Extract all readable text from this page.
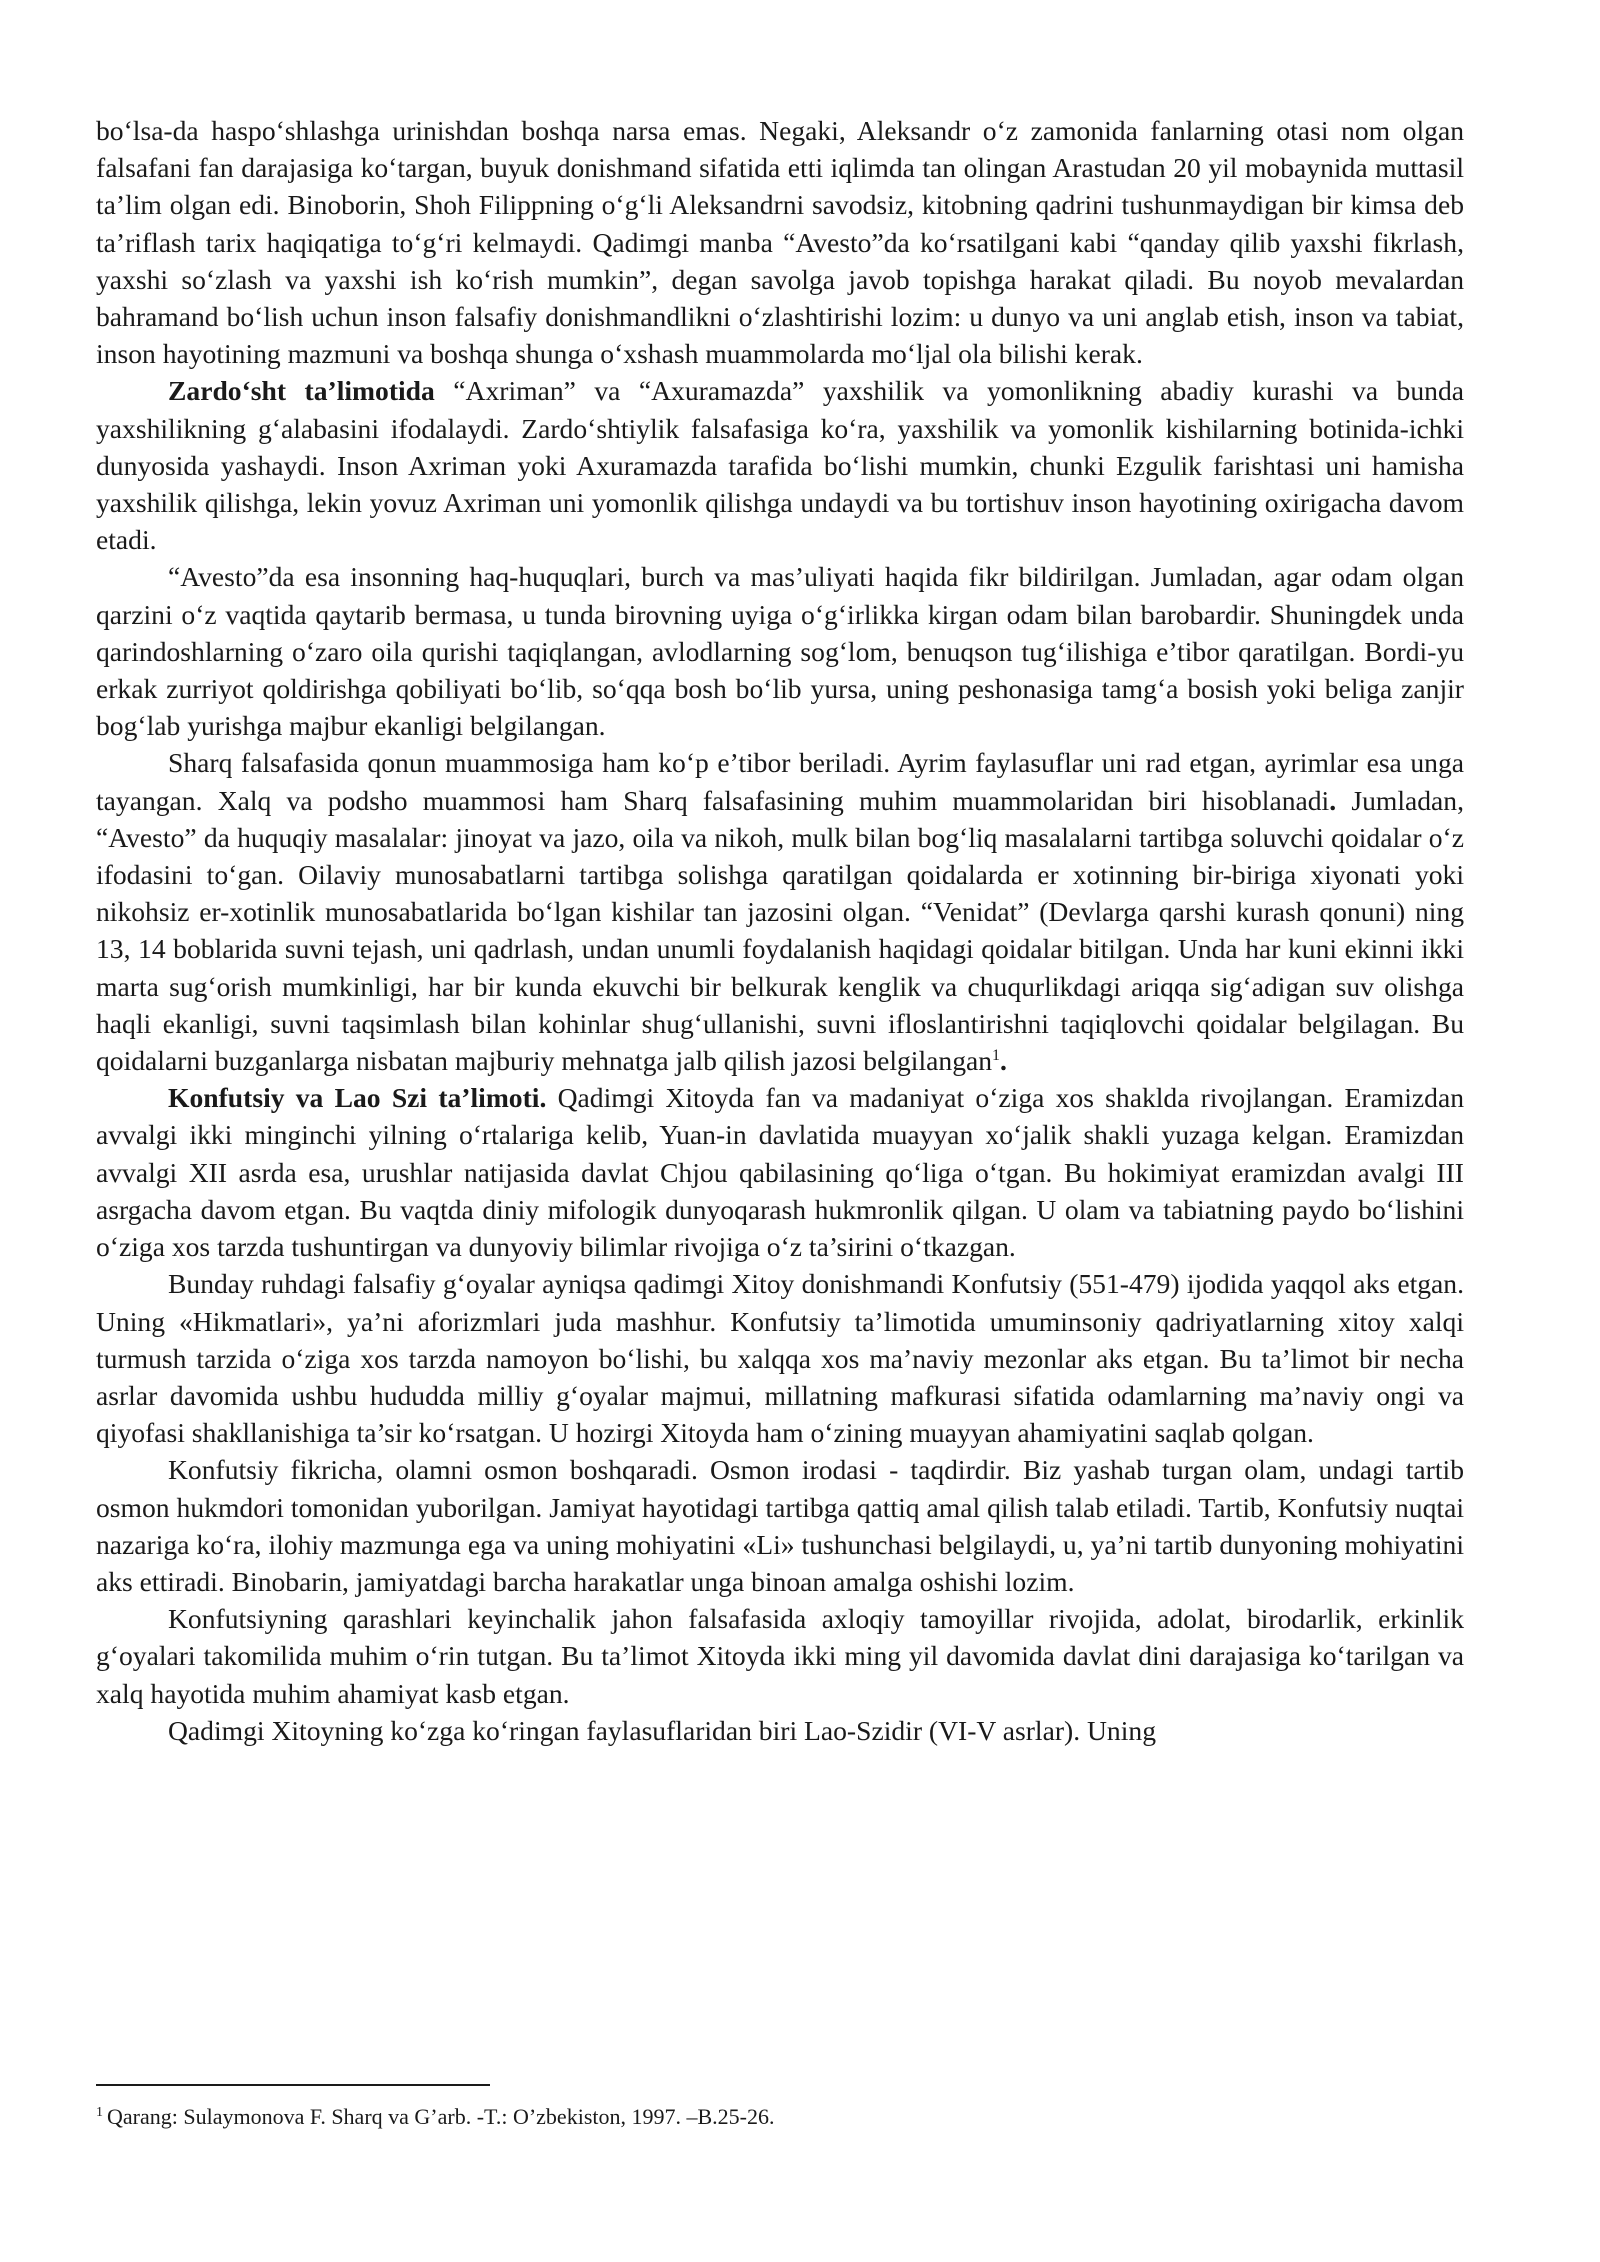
bo‘lsa-da haspo‘shlashga urinishdan boshqa narsa emas. Negaki, Aleksandr o‘z zamonida fanlarning otasi nom olgan falsafani fan darajasiga ko‘targan, buyuk donishmand sifatida etti iqlimda tan olingan Arastudan 20 yil mobaynida muttasil ta’lim olgan edi. Binoborin, Shoh Filippning o‘g‘li Aleksandrni savodsiz, kitobning qadrini tushunmaydigan bir kimsa deb ta’riflash tarix haqiqatiga to‘g‘ri kelmaydi. Qadimgi manba “Avesto”da ko‘rsatilgani kabi “qanday qilib yaxshi fikrlash, yaxshi so‘zlash va yaxshi ish ko‘rish mumkin”, degan savolga javob topishga harakat qiladi. Bu noyob mevalardan bahramand bo‘lish uchun inson falsafiy donishmandlikni o‘zlashtirishi lozim: u dunyo va uni anglab etish, inson va tabiat, inson hayotining mazmuni va boshqa shunga o‘xshash muammolarda mo‘ljal ola bilishi kerak.

Zardo‘sht ta’limotida “Axriman” va “Axuramazda” yaxshilik va yomonlikning abadiy kurashi va bunda yaxshilikning g‘alabasini ifodalaydi. Zardo‘shtiylik falsafasiga ko‘ra, yaxshilik va yomonlik kishilarning botinida-ichki dunyosida yashaydi. Inson Axriman yoki Axuramazda tarafida bo‘lishi mumkin, chunki Ezgulik farishtasi uni hamisha yaxshilik qilishga, lekin yovuz Axriman uni yomonlik qilishga undaydi va bu tortishuv inson hayotining oxirigacha davom etadi.

“Avesto”da esa insonning haq-huquqlari, burch va mas’uliyati haqida fikr bildirilgan. Jumladan, agar odam olgan qarzini o‘z vaqtida qaytarib bermasa, u tunda birovning uyiga o‘g‘irlikka kirgan odam bilan barobardir. Shuningdek unda qarindoshlarning o‘zaro oila qurishi taqiqlangan, avlodlarning sog‘lom, benuqson tug‘ilishiga e’tibor qaratilgan. Bordi-yu erkak zurriyot qoldirishga qobiliyati bo‘lib, so‘qqa bosh bo‘lib yursa, uning peshonasiga tamg‘a bosish yoki beliga zanjir bog‘lab yurishga majbur ekanligi belgilangan.

Sharq falsafasida qonun muammosiga ham ko‘p e’tibor beriladi. Ayrim faylasuflar uni rad etgan, ayrimlar esa unga tayangan. Xalq va podsho muammosi ham Sharq falsafasining muhim muammolaridan biri hisoblanadi. Jumladan, “Avesto” da huquqiy masalalar: jinoyat va jazo, oila va nikoh, mulk bilan bog‘liq masalalarni tartibga soluvchi qoidalar o‘z ifodasini to‘gan. Oilaviy munosabatlarni tartibga solishga qaratilgan qoidalarda er xotinning bir-biriga xiyonati yoki nikohsiz er-xotinlik munosabatlarida bo‘lgan kishilar tan jazosini olgan. “Venidat” (Devlarga qarshi kurash qonuni) ning 13, 14 boblarida suvni tejash, uni qadrlash, undan unumli foydalanish haqidagi qoidalar bitilgan. Unda har kuni ekinni ikki marta sug‘orish mumkinligi, har bir kunda ekuvchi bir belkurak kenglik va chuqurlikdagi ariqqa sig‘adigan suv olishga haqli ekanligi, suvni taqsimlash bilan kohinlar shug‘ullanishi, suvni ifloslantirishni taqiqlovchi qoidalar belgilagan. Bu qoidalarni buzganlarga nisbatan majburiy mehnatga jalb qilish jazosi belgilangan$^1$.

Konfutsiy va Lao Szi ta’limoti. Qadimgi Xitoyda fan va madaniyat o‘ziga xos shaklda rivojlangan. Eramizdan avvalgi ikki minginchi yilning o‘rtalariga kelib, Yuan-in davlatida muayyan xo‘jalik shakli yuzaga kelgan. Eramizdan avvalgi XII asrda esa, urushlar natijasida davlat Chjou qabilasining qo‘liga o‘tgan. Bu hokimiyat eramizdan avalgi III asrgacha davom etgan. Bu vaqtda diniy mifologik dunyoqarash hukmronlik qilgan. U olam va tabiatning paydo bo‘lishini o‘ziga xos tarzda tushuntirgan va dunyoviy bilimlar rivojiga o‘z ta’sirini o‘tkazgan.

Bunday ruhdagi falsafiy g‘oyalar ayniqsa qadimgi Xitoy donishmandi Konfutsiy (551-479) ijodida yaqqol aks etgan. Uning «Hikmatlari», ya’ni aforizmlari juda mashhur. Konfutsiy ta’limotida umuminsoniy qadriyatlarning xitoy xalqi turmush tarzida o‘ziga xos tarzda namoyon bo‘lishi, bu xalqqa xos ma’naviy mezonlar aks etgan. Bu ta’limot bir necha asrlar davomida ushbu hududda milliy g‘oyalar majmui, millatning mafkurasi sifatida odamlarning ma’naviy ongi va qiyofasi shakllanishiga ta’sir ko‘rsatgan. U hozirgi Xitoyda ham o‘zining muayyan ahamiyatini saqlab qolgan.

Konfutsiy fikricha, olamni osmon boshqaradi. Osmon irodasi - taqdirdir. Biz yashab turgan olam, undagi tartib osmon hukmdori tomonidan yuborilgan. Jamiyat hayotidagi tartibga qattiq amal qilish talab etiladi. Tartib, Konfutsiy nuqtai nazariga ko‘ra, ilohiy mazmunga ega va uning mohiyatini «Li» tushunchasi belgilaydi, u, ya’ni tartib dunyoning mohiyatini aks ettiradi. Binobarin, jamiyatdagi barcha harakatlar unga binoan amalga oshishi lozim.

Konfutsiyning qarashlari keyinchalik jahon falsafasida axloqiy tamoyillar rivojida, adolat, birodarlik, erkinlik g‘oyalari takomilida muhim o‘rin tutgan. Bu ta’limot Xitoyda ikki ming yil davomida davlat dini darajasiga ko‘tarilgan va xalq hayotida muhim ahamiyat kasb etgan.

Qadimgi Xitoyning ko‘zga ko‘ringan faylasuflaridan biri Lao-Szidir (VI-V asrlar). Uning

$^1$ Qarang: Sulaymonova F. Sharq va G’arb. -T.: O’zbekiston, 1997. –B.25-26.
